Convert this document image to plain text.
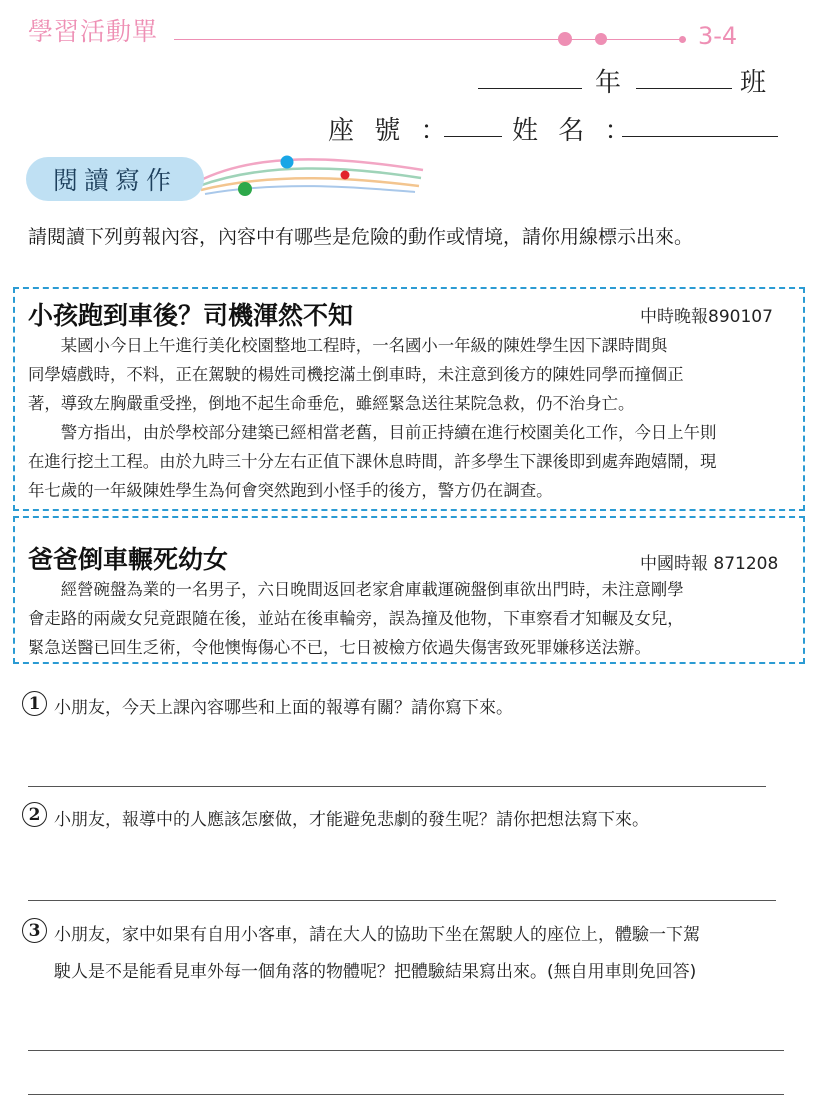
學習活動單	3-4
年	班
座 號 ： 姓 名 ：
閱讀寫作
請閱讀下列剪報內容，內容中有哪些是危險的動作或情境，請你用線標示出來。
小孩跑到車後？司機渾然不知	中時晚報890107
　　某國小今日上午進行美化校園整地工程時，一名國小一年級的陳姓學生因下課時間與
同學嬉戲時，不料，正在駕駛的楊姓司機挖滿土倒車時，未注意到後方的陳姓同學而撞個正
著，導致左胸嚴重受挫，倒地不起生命垂危，雖經緊急送往某院急救，仍不治身亡。
　　警方指出，由於學校部分建築已經相當老舊，目前正持續在進行校園美化工作，今日上午則
在進行挖土工程。由於九時三十分左右正值下課休息時間，許多學生下課後即到處奔跑嬉鬧，現
年七歲的一年級陳姓學生為何會突然跑到小怪手的後方，警方仍在調查。
爸爸倒車輾死幼女	中國時報 871208
　　經營碗盤為業的一名男子，六日晚間返回老家倉庫載運碗盤倒車欲出門時，未注意剛學
會走路的兩歲女兒竟跟隨在後，並站在後車輪旁，誤為撞及他物，下車察看才知輾及女兒，
緊急送醫已回生乏術，令他懊悔傷心不已，七日被檢方依過失傷害致死罪嫌移送法辦。
1 小朋友，今天上課內容哪些和上面的報導有關？請你寫下來。
2 小朋友，報導中的人應該怎麼做，才能避免悲劇的發生呢？請你把想法寫下來。
3 小朋友，家中如果有自用小客車，請在大人的協助下坐在駕駛人的座位上，體驗一下駕
駛人是不是能看見車外每一個角落的物體呢？把體驗結果寫出來。(無自用車則免回答)
